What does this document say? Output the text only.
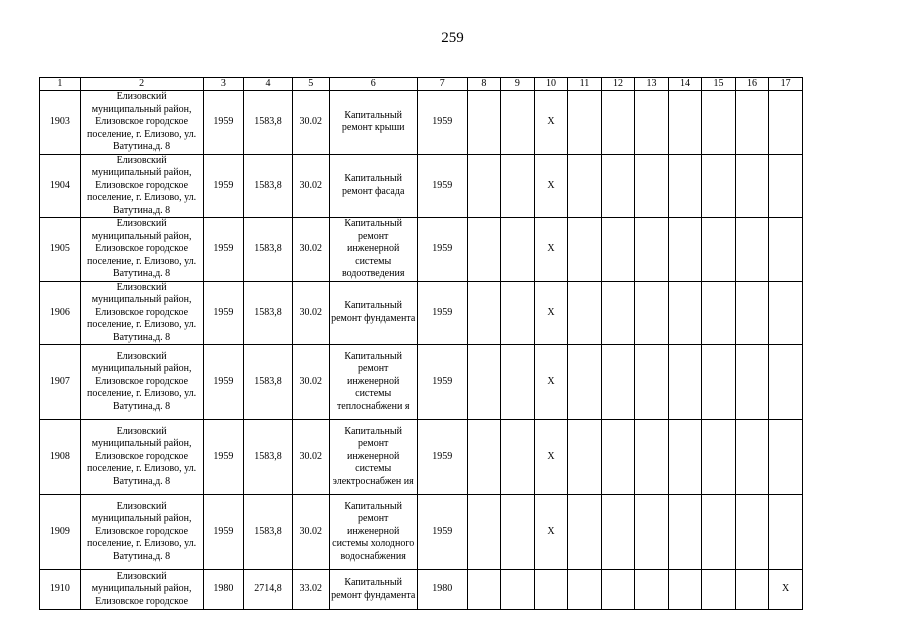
259
1	2	3	4	5	6	7	8	9	10	11	12	13	14	15	16	17
1903	Елизовский муниципальный район, Елизовское городское поселение, г. Елизово, ул. Ватутина,д. 8	1959	1583,8	30.02	Капитальный ремонт крыши	1959			X							
1904	Елизовский муниципальный район, Елизовское городское поселение, г. Елизово, ул. Ватутина,д. 8	1959	1583,8	30.02	Капитальный ремонт фасада	1959			X							
1905	Елизовский муниципальный район, Елизовское городское поселение, г. Елизово, ул. Ватутина,д. 8	1959	1583,8	30.02	Капитальный ремонт инженерной системы водоотведения	1959			X							
1906	Елизовский муниципальный район, Елизовское городское поселение, г. Елизово, ул. Ватутина,д. 8	1959	1583,8	30.02	Капитальный ремонт фундамента	1959			X							
1907	Елизовский муниципальный район, Елизовское городское поселение, г. Елизово, ул. Ватутина,д. 8	1959	1583,8	30.02	Капитальный ремонт инженерной системы теплоснабжени я	1959			X							
1908	Елизовский муниципальный район, Елизовское городское поселение, г. Елизово, ул. Ватутина,д. 8	1959	1583,8	30.02	Капитальный ремонт инженерной системы электроснабжен ия	1959			X							
1909	Елизовский муниципальный район, Елизовское городское поселение, г. Елизово, ул. Ватутина,д. 8	1959	1583,8	30.02	Капитальный ремонт инженерной системы холодного водоснабжения	1959			X							
1910	Елизовский муниципальный район, Елизовское городское	1980	2714,8	33.02	Капитальный ремонт фундамента	1980										X
